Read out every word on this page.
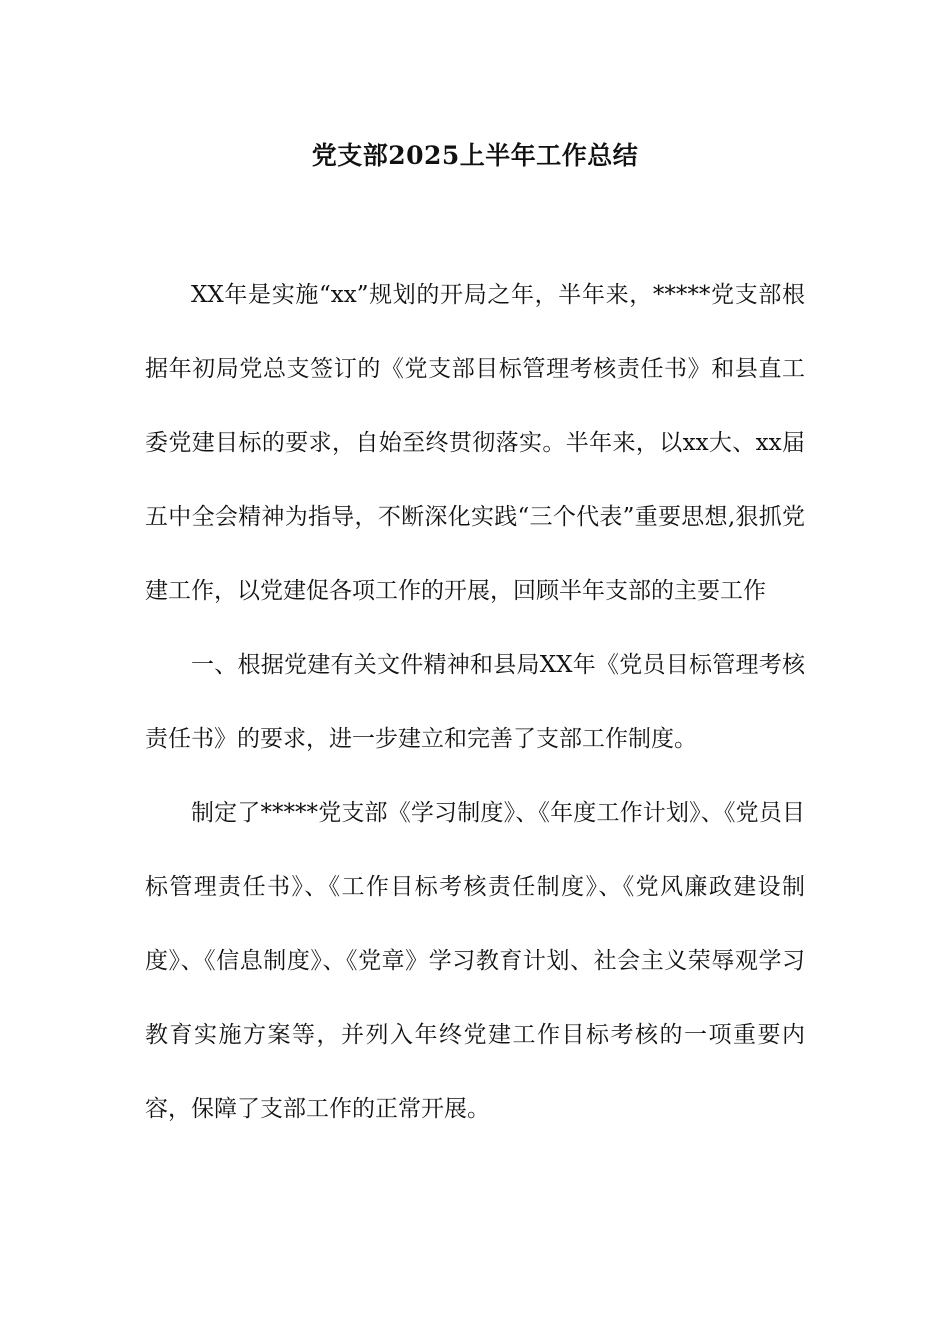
党支部2025上半年工作总结

XX年是实施“xx”规划的开局之年，半年来，*****党支部根据年初局党总支签订的《党支部目标管理考核责任书》和县直工委党建目标的要求，自始至终贯彻落实。半年来，以xx大、xx届五中全会精神为指导，不断深化实践“三个代表”重要思想,狠抓党建工作，以党建促各项工作的开展，回顾半年支部的主要工作

一、根据党建有关文件精神和县局XX年《党员目标管理考核责任书》的要求，进一步建立和完善了支部工作制度。

制定了*****党支部《学习制度》、《年度工作计划》、《党员目标管理责任书》、《工作目标考核责任制度》、《党风廉政建设制度》、《信息制度》、《党章》学习教育计划、社会主义荣辱观学习教育实施方案等，并列入年终党建工作目标考核的一项重要内容，保障了支部工作的正常开展。
